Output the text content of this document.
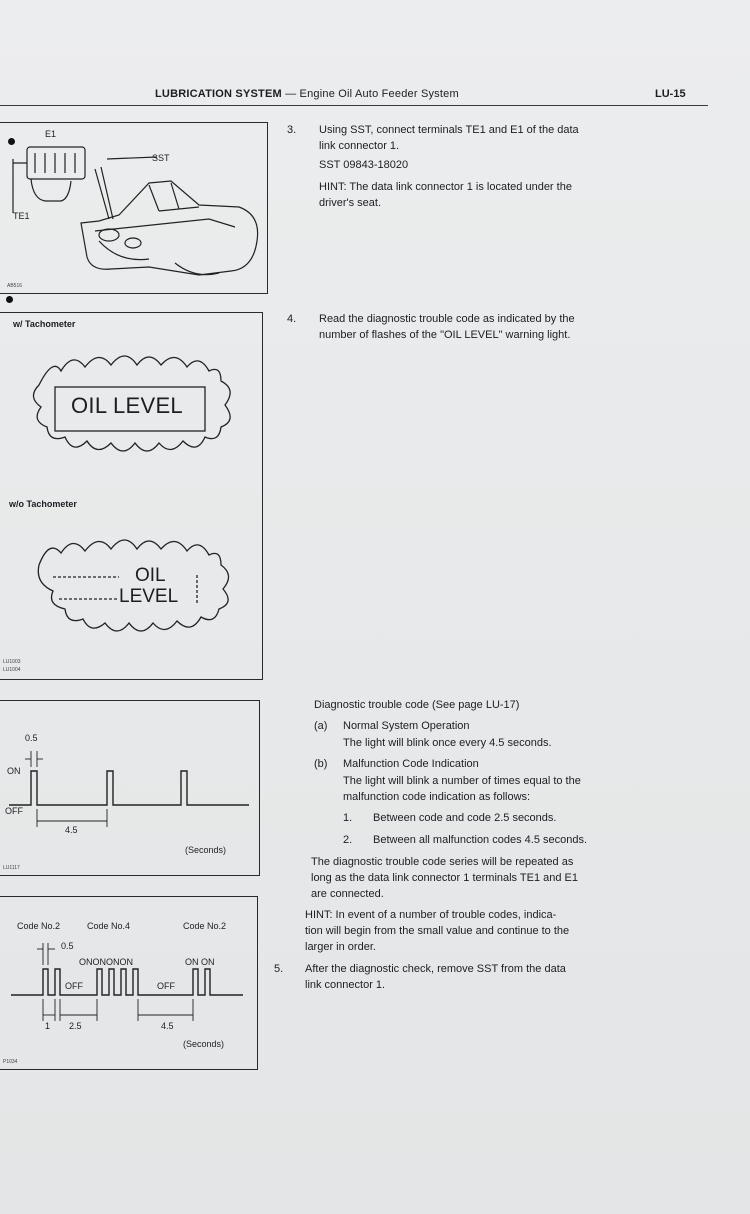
LUBRICATION SYSTEM — Engine Oil Auto Feeder System	LU-15
E1
TE1
SST
AB516
w/ Tachometer
OIL LEVEL
w/o Tachometer
OIL
LEVEL
LU1003
LU1004
0.5
ON
OFF
4.5
(Seconds)
LU1117
Code No.2	Code No.4	Code No.2
0.5
ONONONON	ON ON
OFF	OFF
1 2.5	4.5
(Seconds)
P1034
3. Using SST, connect terminals TE1 and E1 of the data
link connector 1.
SST 09843-18020
HINT: The data link connector 1 is located under the
driver's seat.
4. Read the diagnostic trouble code as indicated by the
number of flashes of the "OIL LEVEL" warning light.
Diagnostic trouble code (See page LU-17)
(a) Normal System Operation
The light will blink once every 4.5 seconds.
(b) Malfunction Code Indication
The light will blink a number of times equal to the
malfunction code indication as follows:
1. Between code and code 2.5 seconds.
2. Between all malfunction codes 4.5 seconds.
The diagnostic trouble code series will be repeated as
long as the data link connector 1 terminals TE1 and E1
are connected.
HINT: In event of a number of trouble codes, indica-
tion will begin from the small value and continue to the
larger in order.
5. After the diagnostic check, remove SST from the data
link connector 1.
